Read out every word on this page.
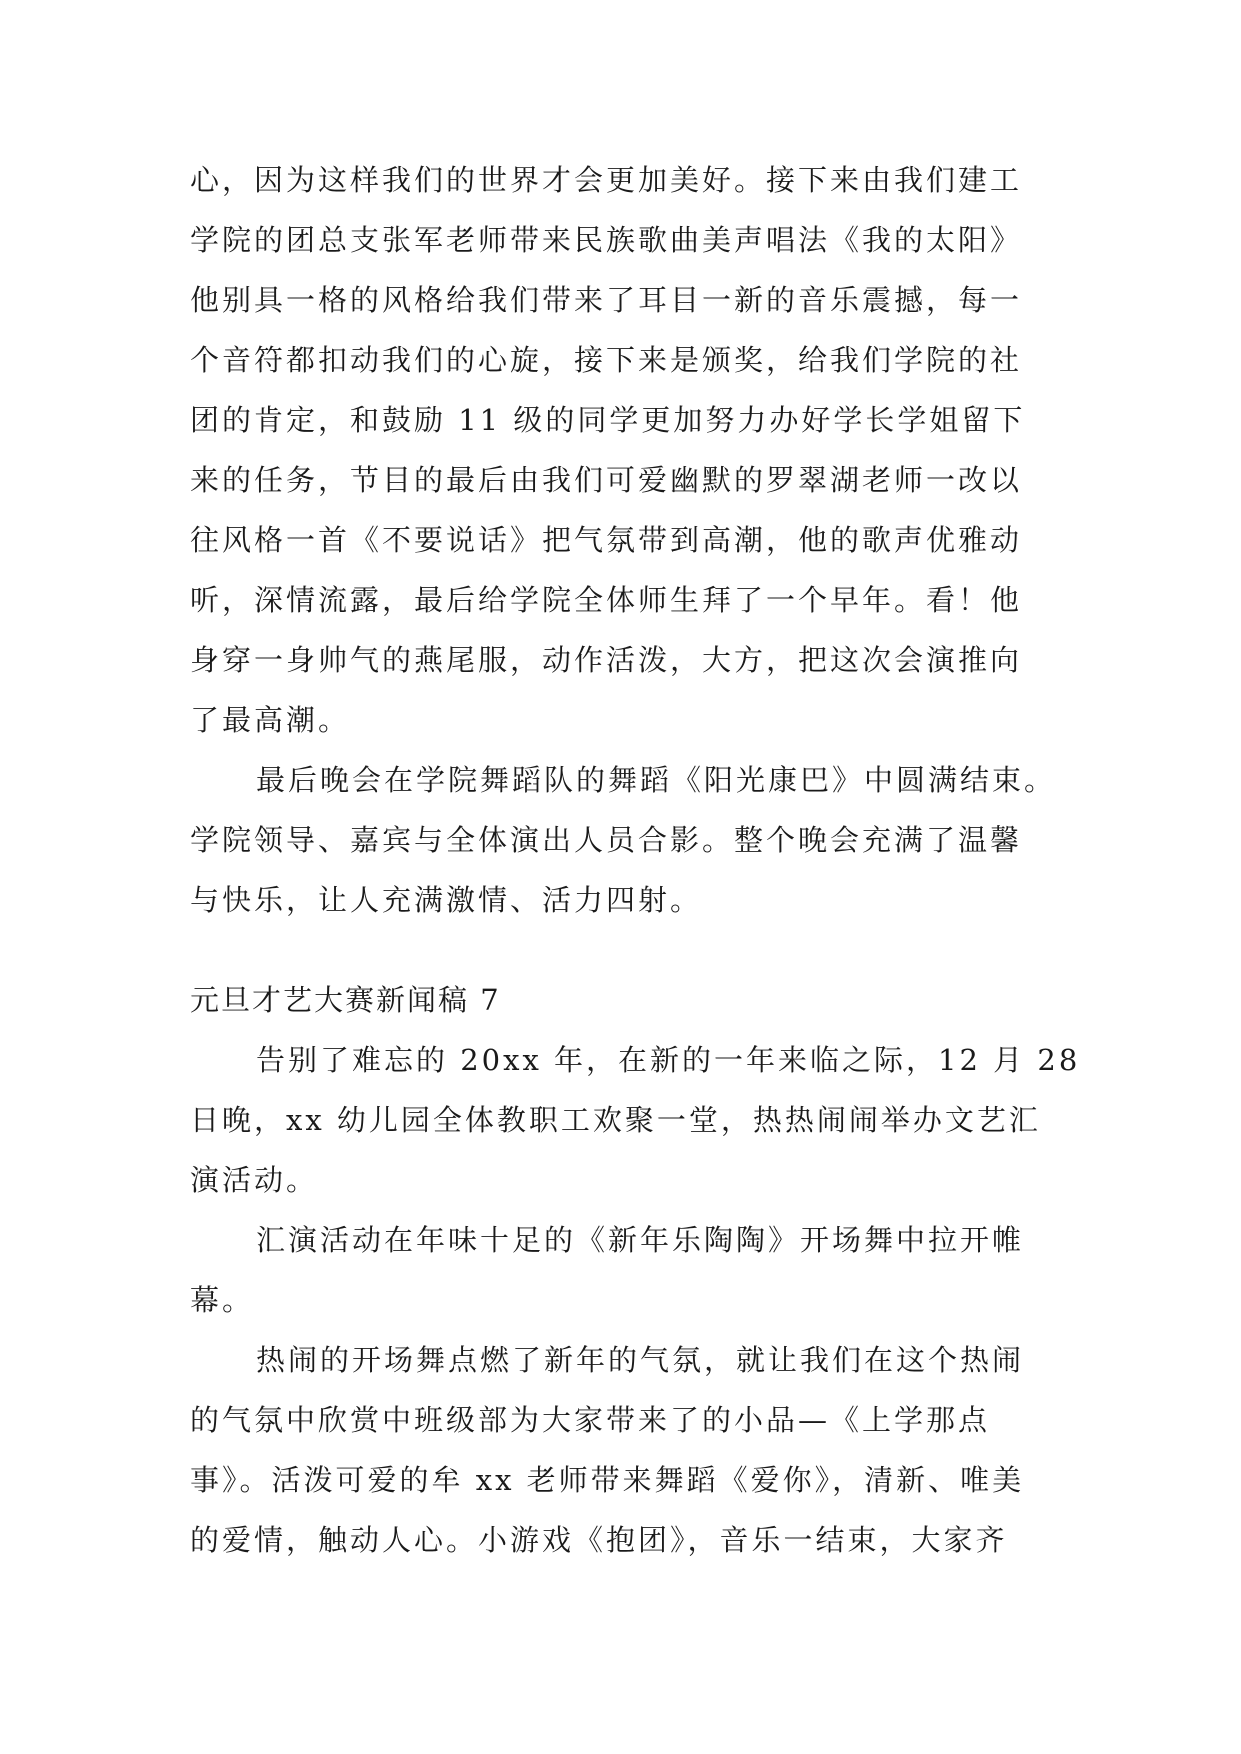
心，因为这样我们的世界才会更加美好。接下来由我们建工
学院的团总支张军老师带来民族歌曲美声唱法《我的太阳》
他别具一格的风格给我们带来了耳目一新的音乐震撼，每一
个音符都扣动我们的心旋，接下来是颁奖，给我们学院的社
团的肯定，和鼓励 11 级的同学更加努力办好学长学姐留下
来的任务，节目的最后由我们可爱幽默的罗翠湖老师一改以
往风格一首《不要说话》把气氛带到高潮，他的歌声优雅动
听，深情流露，最后给学院全体师生拜了一个早年。看！他
身穿一身帅气的燕尾服，动作活泼，大方，把这次会演推向
了最高潮。
最后晚会在学院舞蹈队的舞蹈《阳光康巴》中圆满结束。
学院领导、嘉宾与全体演出人员合影。整个晚会充满了温馨
与快乐，让人充满激情、活力四射。
元旦才艺大赛新闻稿 7
告别了难忘的 20xx 年，在新的一年来临之际，12 月 28
日晚，xx 幼儿园全体教职工欢聚一堂，热热闹闹举办文艺汇
演活动。
汇演活动在年味十足的《新年乐陶陶》开场舞中拉开帷
幕。
热闹的开场舞点燃了新年的气氛，就让我们在这个热闹
的气氛中欣赏中班级部为大家带来了的小品—《上学那点
事》。活泼可爱的牟 xx 老师带来舞蹈《爱你》，清新、唯美
的爱情，触动人心。小游戏《抱团》，音乐一结束，大家齐
